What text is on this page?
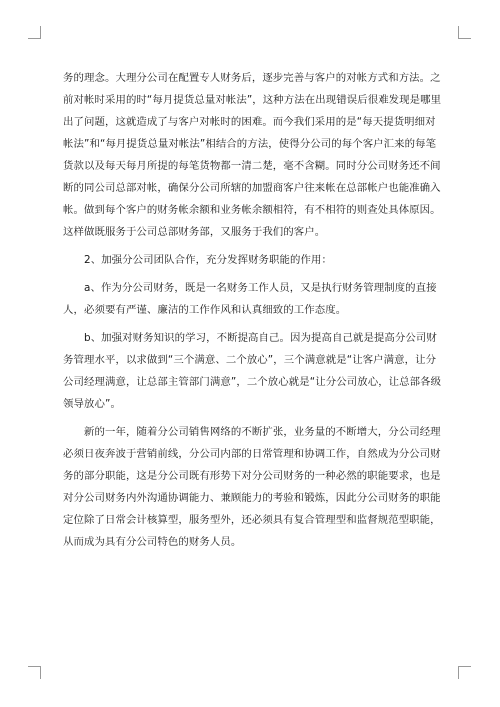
务的理念。大理分公司在配置专人财务后，逐步完善与客户的对帐方式和方法。之前对帐时采用的时“每月提货总量对帐法”，这种方法在出现错误后很难发现是哪里出了问题，这就造成了与客户对帐时的困难。而今我们采用的是“每天提货明细对帐法”和“每月提货总量对帐法”相结合的方法，使得分公司的每个客户汇来的每笔货款以及每天每月所提的每笔货物都一清二楚，毫不含糊。同时分公司财务还不间断的同公司总部对帐，确保分公司所辖的加盟商客户往来帐在总部帐户也能准确入帐。做到每个客户的财务帐余额和业务帐余额相符，有不相符的则查处具体原因。这样做既服务于公司总部财务部，又服务于我们的客户。

2、加强分公司团队合作，充分发挥财务职能的作用：

a、作为分公司财务，既是一名财务工作人员，又是执行财务管理制度的直接人，必须要有严谨、廉洁的工作作风和认真细致的工作态度。

b、加强对财务知识的学习，不断提高自己。因为提高自己就是提高分公司财务管理水平，以求做到“三个满意、二个放心”，三个满意就是“让客户满意，让分公司经理满意，让总部主管部门满意”，二个放心就是“让分公司放心，让总部各级领导放心”。

新的一年，随着分公司销售网络的不断扩张，业务量的不断增大，分公司经理必须日夜奔波于营销前线，分公司内部的日常管理和协调工作，自然成为分公司财务的部分职能，这是分公司既有形势下对分公司财务的一种必然的职能要求，也是对分公司财务内外沟通协调能力、兼顾能力的考验和锻炼，因此分公司财务的职能定位除了日常会计核算型，服务型外，还必须具有复合管理型和监督规范型职能，从而成为具有分公司特色的财务人员。
